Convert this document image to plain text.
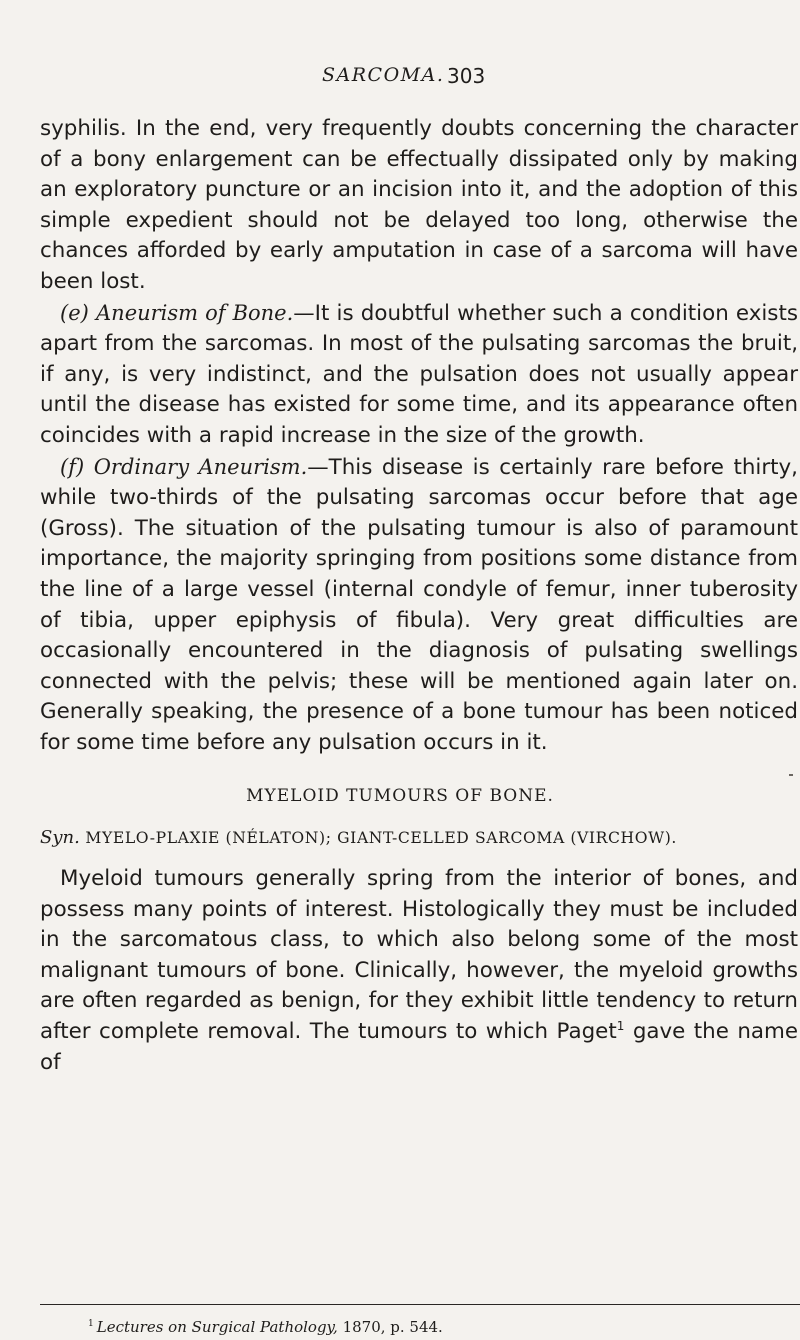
SARCOMA. 303

syphilis. In the end, very frequently doubts concerning the character of a bony enlargement can be effectually dissipated only by making an exploratory puncture or an incision into it, and the adoption of this simple expedient should not be delayed too long, otherwise the chances afforded by early amputation in case of a sarcoma will have been lost.

(e) Aneurism of Bone.—It is doubtful whether such a condition exists apart from the sarcomas. In most of the pulsating sarcomas the bruit, if any, is very indistinct, and the pulsation does not usually appear until the disease has existed for some time, and its appearance often coincides with a rapid increase in the size of the growth.

(f) Ordinary Aneurism.—This disease is certainly rare before thirty, while two-thirds of the pulsating sarcomas occur before that age (Gross). The situation of the pulsating tumour is also of paramount importance, the majority springing from positions some distance from the line of a large vessel (internal condyle of femur, inner tuberosity of tibia, upper epiphysis of fibula). Very great difficulties are occasionally encountered in the diagnosis of pulsating swellings connected with the pelvis; these will be mentioned again later on. Generally speaking, the presence of a bone tumour has been noticed for some time before any pulsation occurs in it.

MYELOID TUMOURS OF BONE.
Syn. MYELO-PLAXIE (NÉLATON); GIANT-CELLED SARCOMA (VIRCHOW).

Myeloid tumours generally spring from the interior of bones, and possess many points of interest. Histologically they must be included in the sarcomatous class, to which also belong some of the most malignant tumours of bone. Clinically, however, the myeloid growths are often regarded as benign, for they exhibit little tendency to return after complete removal. The tumours to which Paget$^1$ gave the name of

$^1$ Lectures on Surgical Pathology, 1870, p. 544.
